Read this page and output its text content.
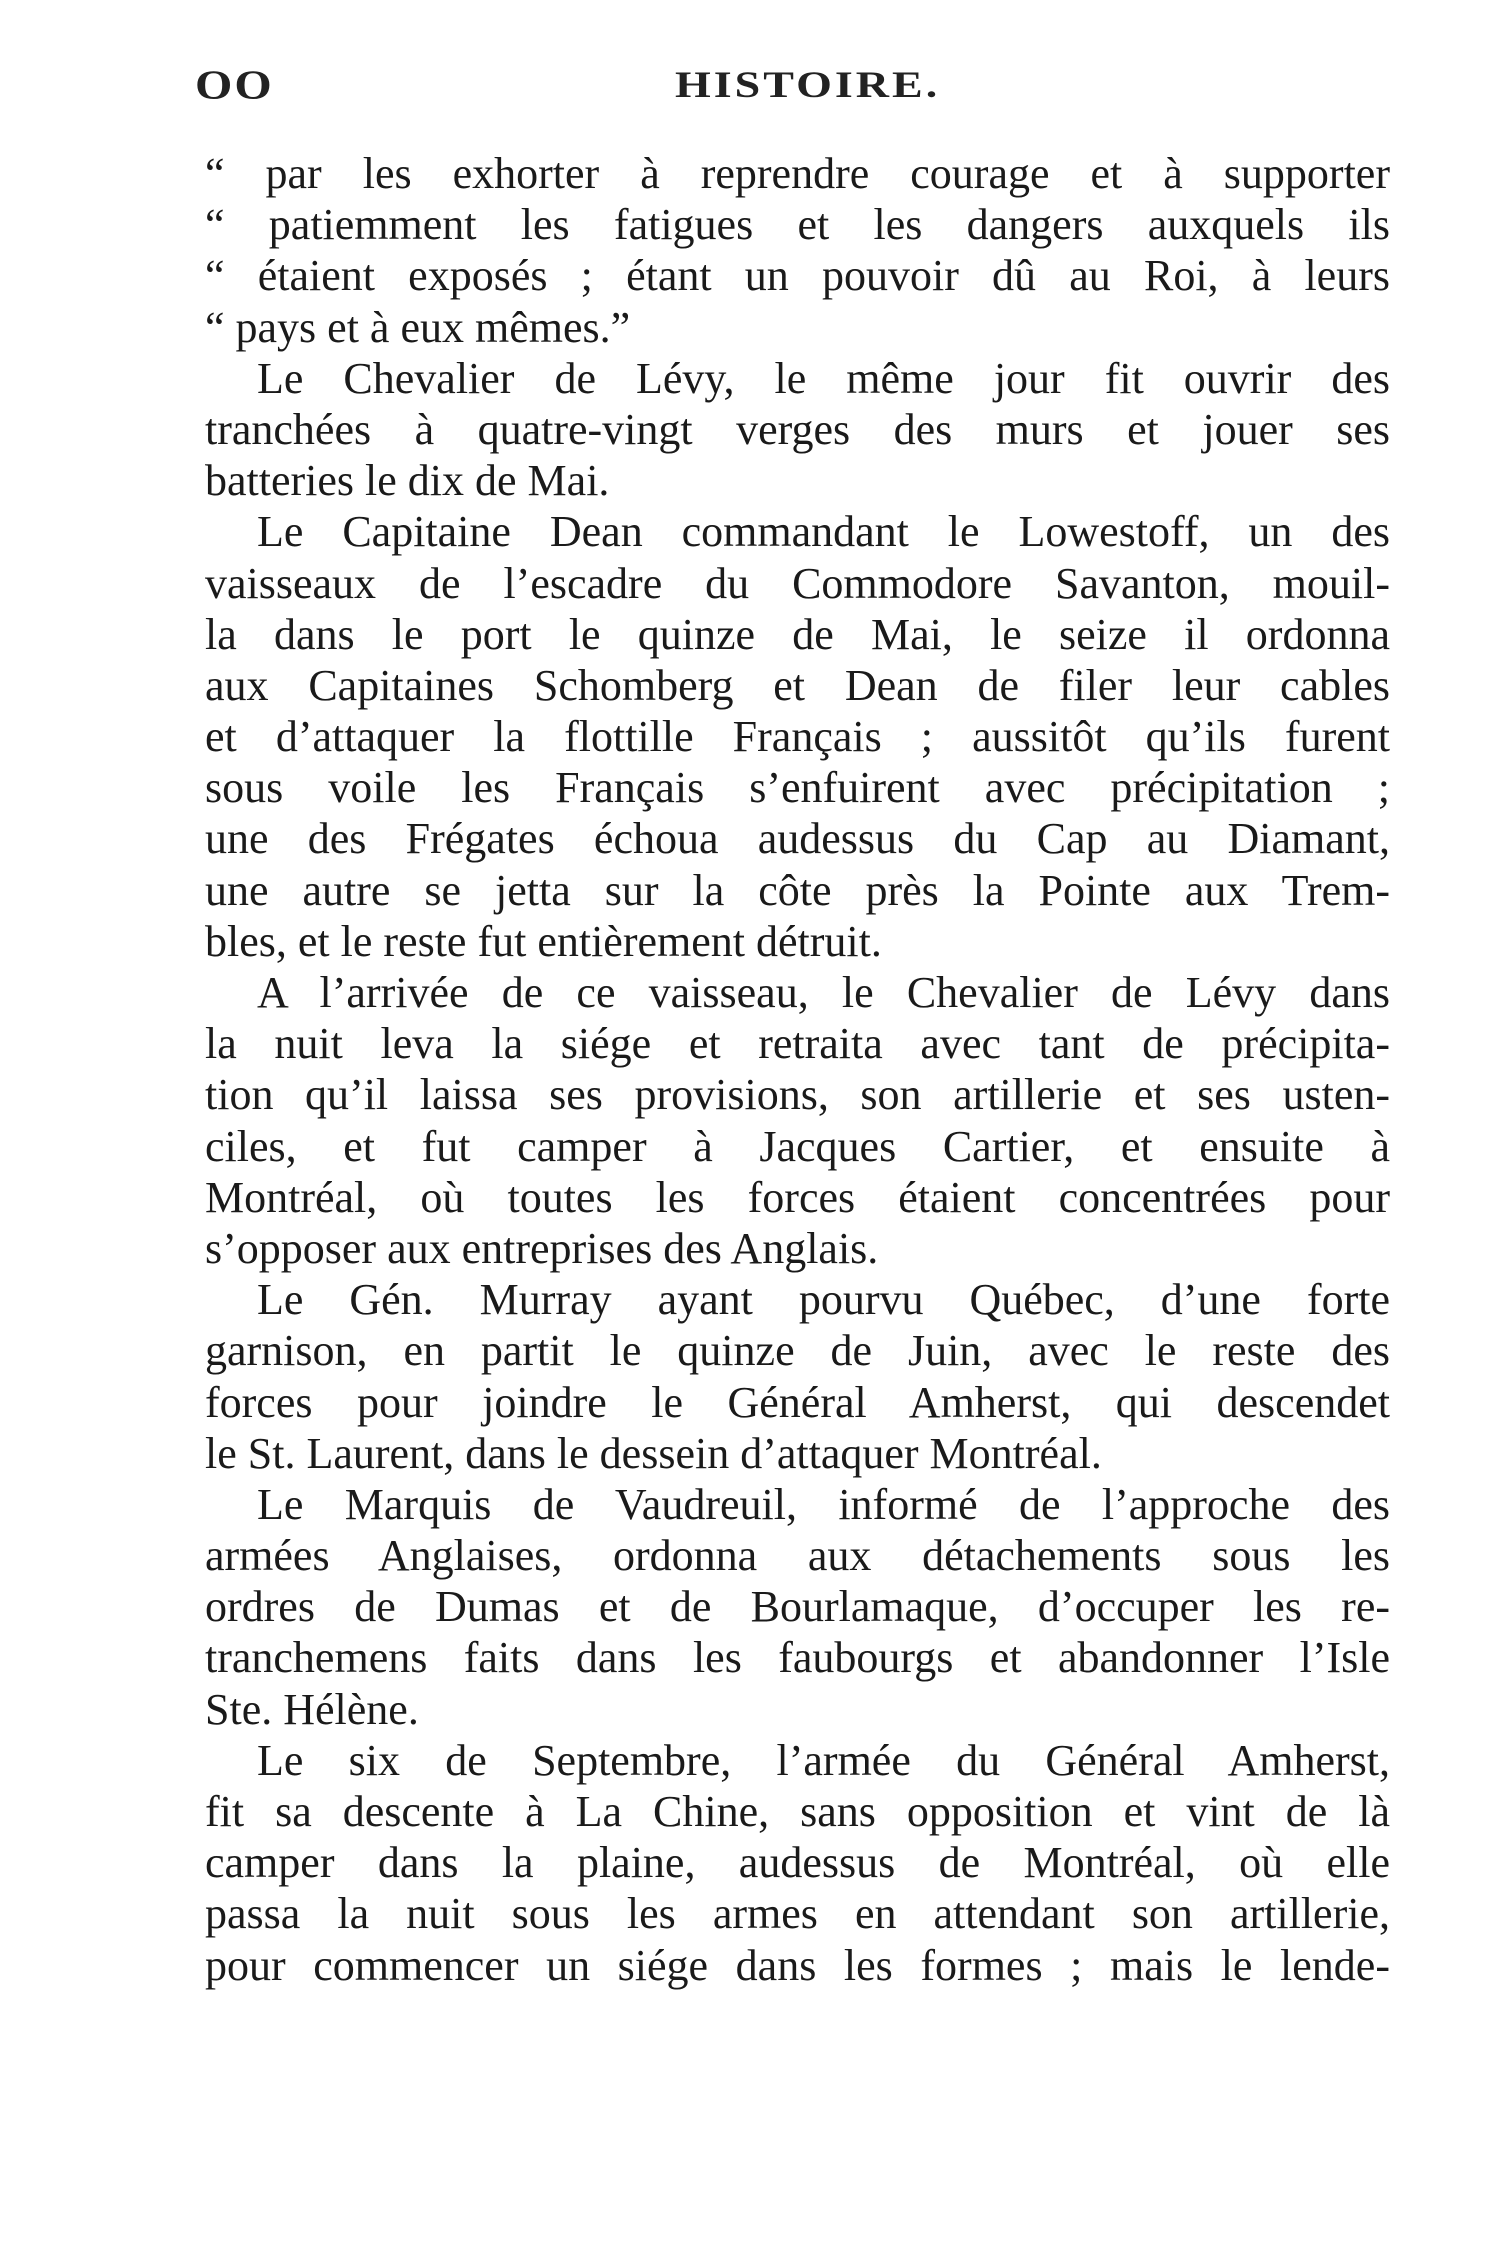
OO	HISTOIRE.
“ par les exhorter à reprendre courage et à supporter
“ patiemment les fatigues et les dangers auxquels ils
“ étaient exposés ; étant un pouvoir dû au Roi, à leurs
“ pays et à eux mêmes.”
Le Chevalier de Lévy, le même jour fit ouvrir des
tranchées à quatre-vingt verges des murs et jouer ses
batteries le dix de Mai.
Le Capitaine Dean commandant le Lowestoff, un des
vaisseaux de l’escadre du Commodore Savanton, mouil-
la dans le port le quinze de Mai, le seize il ordonna
aux Capitaines Schomberg et Dean de filer leur cables
et d’attaquer la flottille Français ; aussitôt qu’ils furent
sous voile les Français s’enfuirent avec précipitation ;
une des Frégates échoua audessus du Cap au Diamant,
une autre se jetta sur la côte près la Pointe aux Trem-
bles, et le reste fut entièrement détruit.
A l’arrivée de ce vaisseau, le Chevalier de Lévy dans
la nuit leva la siége et retraita avec tant de précipita-
tion qu’il laissa ses provisions, son artillerie et ses usten-
ciles, et fut camper à Jacques Cartier, et ensuite à
Montréal, où toutes les forces étaient concentrées pour
s’opposer aux entreprises des Anglais.
Le Gén. Murray ayant pourvu Québec, d’une forte
garnison, en partit le quinze de Juin, avec le reste des
forces pour joindre le Général Amherst, qui descendet
le St. Laurent, dans le dessein d’attaquer Montréal.
Le Marquis de Vaudreuil, informé de l’approche des
armées Anglaises, ordonna aux détachements sous les
ordres de Dumas et de Bourlamaque, d’occuper les re-
tranchemens faits dans les faubourgs et abandonner l’Isle
Ste. Hélène.
Le six de Septembre, l’armée du Général Amherst,
fit sa descente à La Chine, sans opposition et vint de là
camper dans la plaine, audessus de Montréal, où elle
passa la nuit sous les armes en attendant son artillerie,
pour commencer un siége dans les formes ; mais le lende-
